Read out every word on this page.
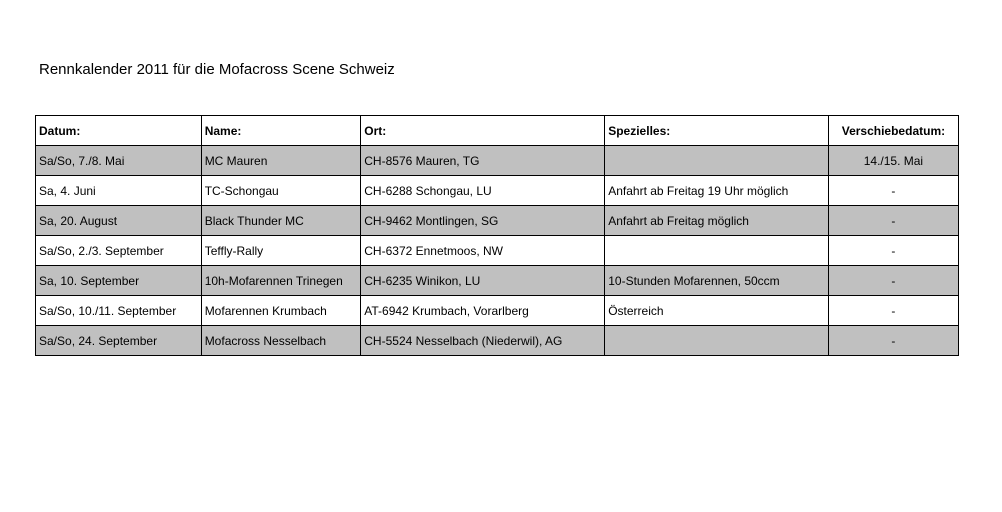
Rennkalender 2011 für die Mofacross Scene Schweiz
Datum:	Name:	Ort:	Spezielles:	Verschiebedatum:
Sa/So, 7./8. Mai	MC Mauren	CH-8576 Mauren, TG		14./15. Mai
Sa, 4. Juni	TC-Schongau	CH-6288 Schongau, LU	Anfahrt ab Freitag 19 Uhr möglich	-
Sa, 20. August	Black Thunder MC	CH-9462 Montlingen, SG	Anfahrt ab Freitag möglich	-
Sa/So, 2./3. September	Teffly-Rally	CH-6372 Ennetmoos, NW		-
Sa, 10. September	10h-Mofarennen Trinegen	CH-6235 Winikon, LU	10-Stunden Mofarennen, 50ccm	-
Sa/So, 10./11. September	Mofarennen Krumbach	AT-6942 Krumbach, Vorarlberg	Österreich	-
Sa/So, 24. September	Mofacross Nesselbach	CH-5524 Nesselbach (Niederwil), AG		-
